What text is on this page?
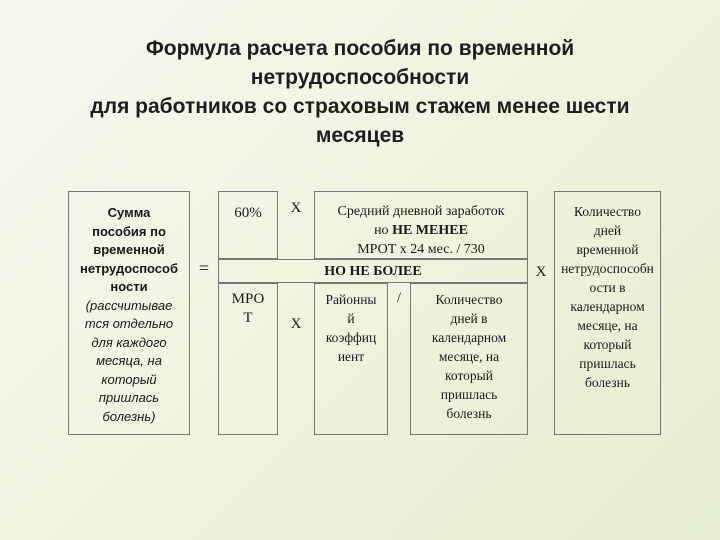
Формула расчета пособия по временной
нетрудоспособности
для работников со страховым стажем менее шести
месяцев
Сумма
пособия по
временной
нетрудоспособ
ности
(рассчитывае
тся отдельно
для каждого
месяца, на
который
пришлась
болезнь)
=
60%	Х	Средний дневной заработок
но НЕ МЕНЕЕ
МРОТ х 24 мес. / 730
НО НЕ БОЛЕЕ
МРО
Т	Х
Районны
й
коэффиц
иент
/	Количество
дней в
календарном
месяце, на
который
пришлась
болезнь
Х
Количество
дней
временной
нетрудоспособн
ости в
календарном
месяце, на
который
пришлась
болезнь
